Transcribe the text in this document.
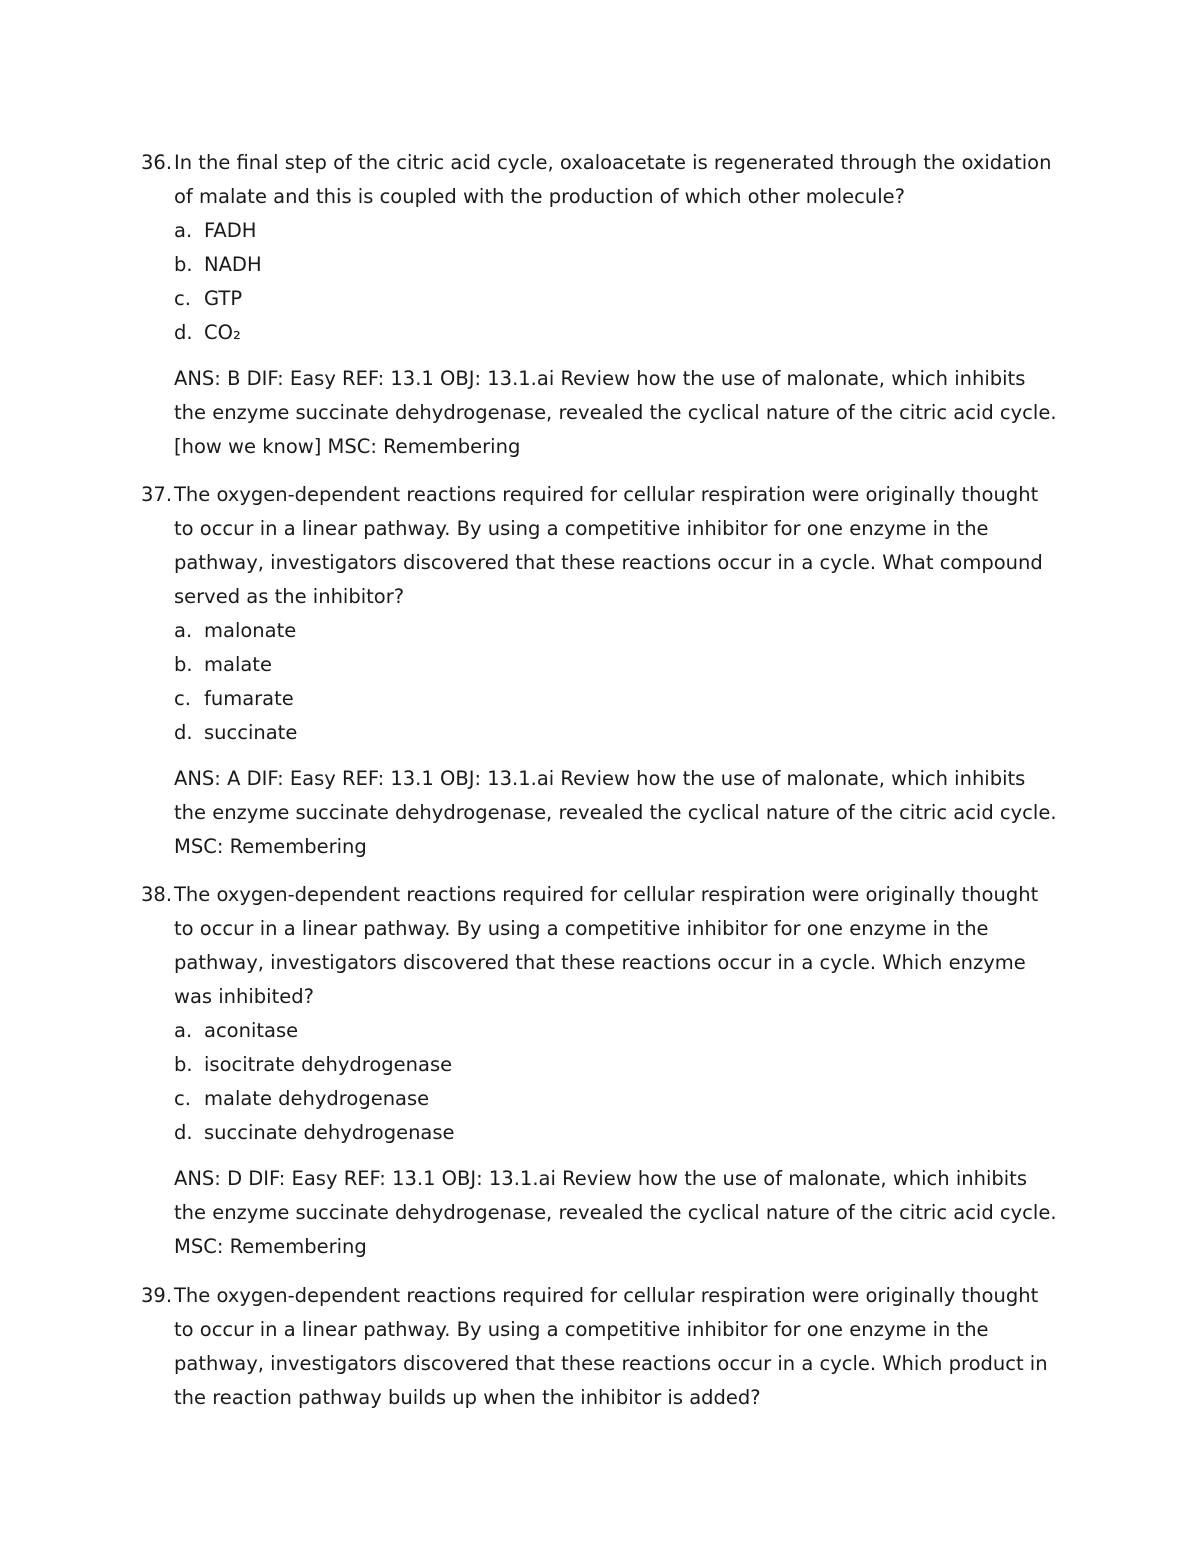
36. In the final step of the citric acid cycle, oxaloacetate is regenerated through the oxidation of malate and this is coupled with the production of which other molecule?
a. FADH
b. NADH
c. GTP
d. CO₂
ANS: B DIF: Easy REF: 13.1 OBJ: 13.1.ai Review how the use of malonate, which inhibits the enzyme succinate dehydrogenase, revealed the cyclical nature of the citric acid cycle. [how we know] MSC: Remembering
37. The oxygen-dependent reactions required for cellular respiration were originally thought to occur in a linear pathway. By using a competitive inhibitor for one enzyme in the pathway, investigators discovered that these reactions occur in a cycle. What compound served as the inhibitor?
a. malonate
b. malate
c. fumarate
d. succinate
ANS: A DIF: Easy REF: 13.1 OBJ: 13.1.ai Review how the use of malonate, which inhibits the enzyme succinate dehydrogenase, revealed the cyclical nature of the citric acid cycle. MSC: Remembering
38. The oxygen-dependent reactions required for cellular respiration were originally thought to occur in a linear pathway. By using a competitive inhibitor for one enzyme in the pathway, investigators discovered that these reactions occur in a cycle. Which enzyme was inhibited?
a. aconitase
b. isocitrate dehydrogenase
c. malate dehydrogenase
d. succinate dehydrogenase
ANS: D DIF: Easy REF: 13.1 OBJ: 13.1.ai Review how the use of malonate, which inhibits the enzyme succinate dehydrogenase, revealed the cyclical nature of the citric acid cycle. MSC: Remembering
39. The oxygen-dependent reactions required for cellular respiration were originally thought to occur in a linear pathway. By using a competitive inhibitor for one enzyme in the pathway, investigators discovered that these reactions occur in a cycle. Which product in the reaction pathway builds up when the inhibitor is added?
